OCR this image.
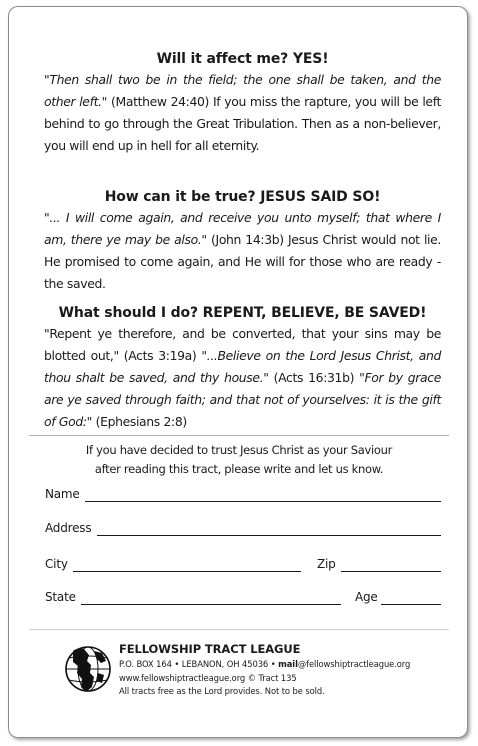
Will it affect me? YES!

"Then shall two be in the field; the one shall be taken, and the other left." (Matthew 24:40) If you miss the rapture, you will be left behind to go through the Great Tribulation. Then as a non-believer, you will end up in hell for all eternity.

How can it be true? JESUS SAID SO!

"... I will come again, and receive you unto myself; that where I am, there ye may be also." (John 14:3b) Jesus Christ would not lie. He promised to come again, and He will for those who are ready - the saved.

What should I do? REPENT, BELIEVE, BE SAVED!

"Repent ye therefore, and be converted, that your sins may be blotted out," (Acts 3:19a) "...Believe on the Lord Jesus Christ, and thou shalt be saved, and thy house." (Acts 16:31b) "For by grace are ye saved through faith; and that not of yourselves: it is the gift of God:" (Ephesians 2:8)

If you have decided to trust Jesus Christ as your Saviour
after reading this tract, please write and let us know.
Name
Address
City	Zip
State	Age
FELLOWSHIP TRACT LEAGUE
P.O. BOX 164 • LEBANON, OH 45036 • mail@fellowshiptractleague.org
www.fellowshiptractleague.org © Tract 135
All tracts free as the Lord provides. Not to be sold.
